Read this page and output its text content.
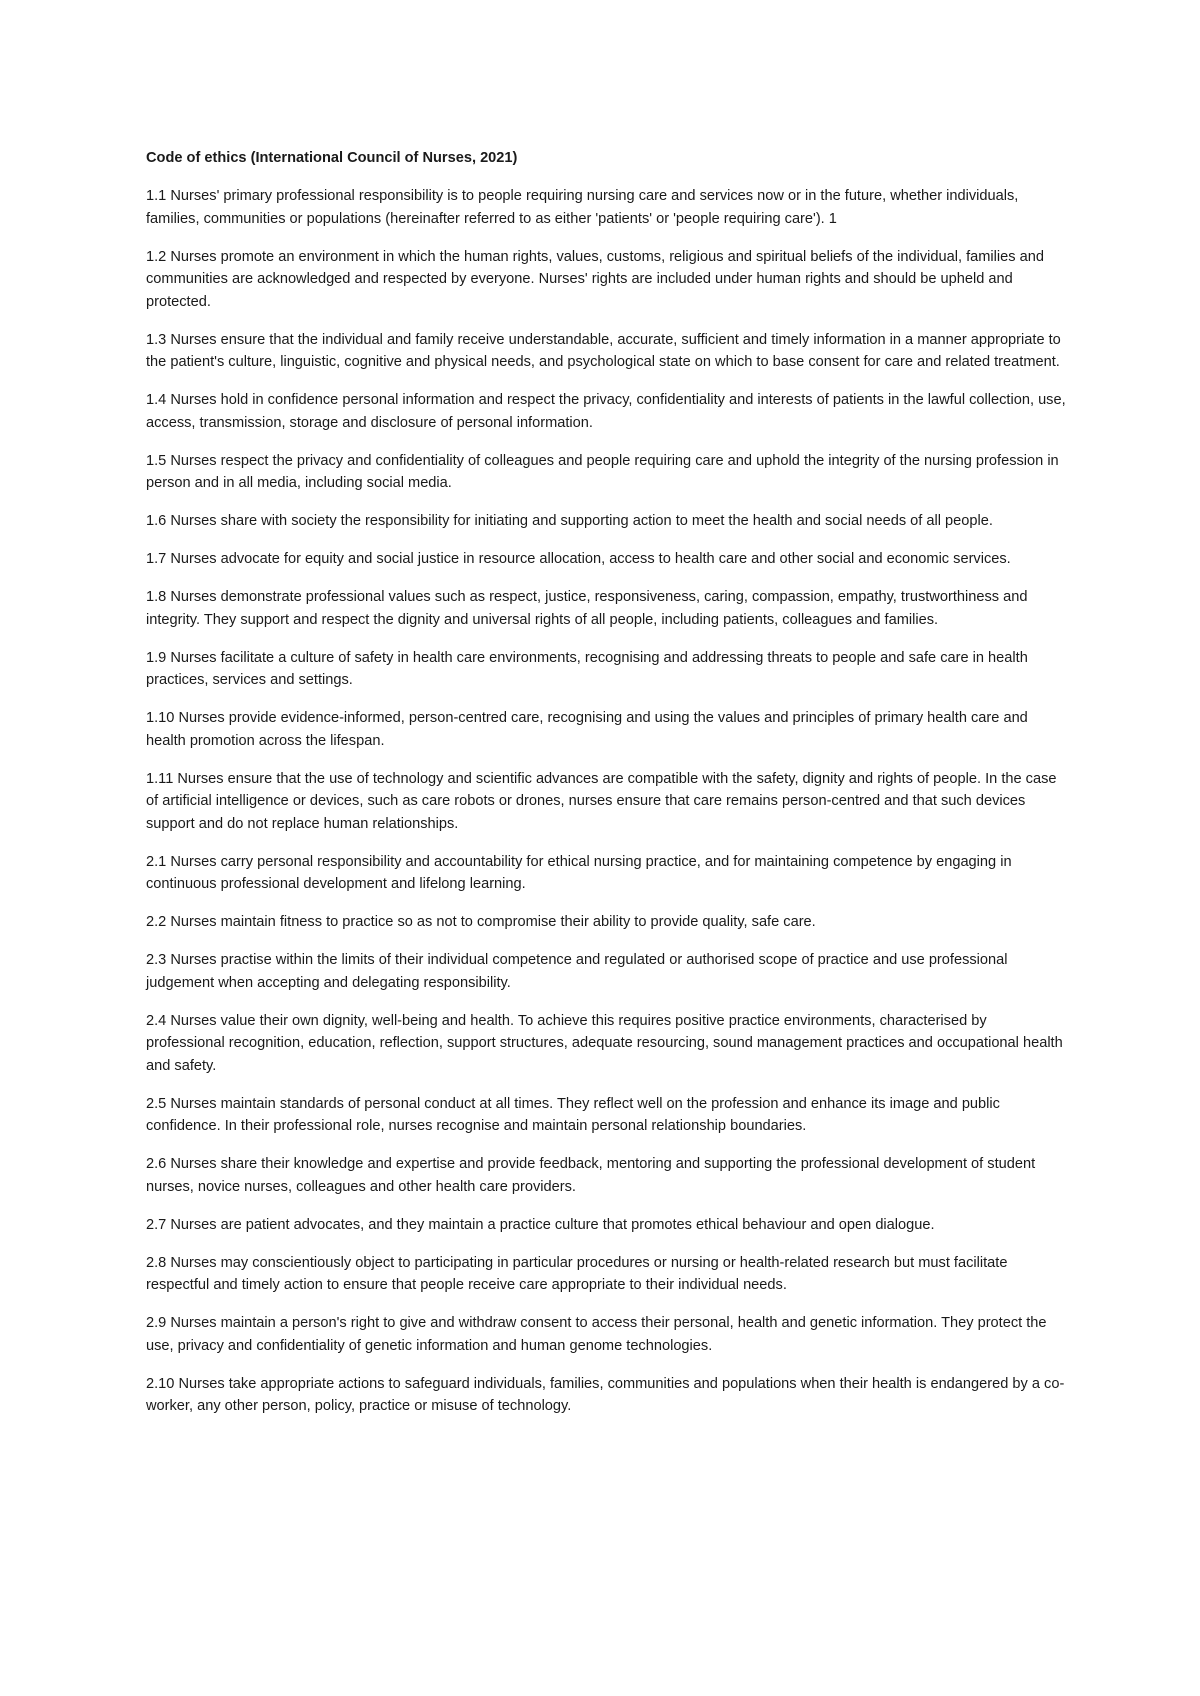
Code of ethics (International Council of Nurses, 2021)

1.1 Nurses' primary professional responsibility is to people requiring nursing care and services now or in the future, whether individuals, families, communities or populations (hereinafter referred to as either 'patients' or 'people requiring care'). 1

1.2 Nurses promote an environment in which the human rights, values, customs, religious and spiritual beliefs of the individual, families and communities are acknowledged and respected by everyone. Nurses' rights are included under human rights and should be upheld and protected.

1.3 Nurses ensure that the individual and family receive understandable, accurate, sufficient and timely information in a manner appropriate to the patient's culture, linguistic, cognitive and physical needs, and psychological state on which to base consent for care and related treatment.

1.4 Nurses hold in confidence personal information and respect the privacy, confidentiality and interests of patients in the lawful collection, use, access, transmission, storage and disclosure of personal information.

1.5 Nurses respect the privacy and confidentiality of colleagues and people requiring care and uphold the integrity of the nursing profession in person and in all media, including social media.

1.6 Nurses share with society the responsibility for initiating and supporting action to meet the health and social needs of all people.

1.7 Nurses advocate for equity and social justice in resource allocation, access to health care and other social and economic services.

1.8 Nurses demonstrate professional values such as respect, justice, responsiveness, caring, compassion, empathy, trustworthiness and integrity. They support and respect the dignity and universal rights of all people, including patients, colleagues and families.

1.9 Nurses facilitate a culture of safety in health care environments, recognising and addressing threats to people and safe care in health practices, services and settings.

1.10 Nurses provide evidence-informed, person-centred care, recognising and using the values and principles of primary health care and health promotion across the lifespan.

1.11 Nurses ensure that the use of technology and scientific advances are compatible with the safety, dignity and rights of people. In the case of artificial intelligence or devices, such as care robots or drones, nurses ensure that care remains person-centred and that such devices support and do not replace human relationships.

2.1 Nurses carry personal responsibility and accountability for ethical nursing practice, and for maintaining competence by engaging in continuous professional development and lifelong learning.

2.2 Nurses maintain fitness to practice so as not to compromise their ability to provide quality, safe care.

2.3 Nurses practise within the limits of their individual competence and regulated or authorised scope of practice and use professional judgement when accepting and delegating responsibility.

2.4 Nurses value their own dignity, well-being and health. To achieve this requires positive practice environments, characterised by professional recognition, education, reflection, support structures, adequate resourcing, sound management practices and occupational health and safety.

2.5 Nurses maintain standards of personal conduct at all times. They reflect well on the profession and enhance its image and public confidence. In their professional role, nurses recognise and maintain personal relationship boundaries.

2.6 Nurses share their knowledge and expertise and provide feedback, mentoring and supporting the professional development of student nurses, novice nurses, colleagues and other health care providers.

2.7 Nurses are patient advocates, and they maintain a practice culture that promotes ethical behaviour and open dialogue.

2.8 Nurses may conscientiously object to participating in particular procedures or nursing or health-related research but must facilitate respectful and timely action to ensure that people receive care appropriate to their individual needs.

2.9 Nurses maintain a person's right to give and withdraw consent to access their personal, health and genetic information. They protect the use, privacy and confidentiality of genetic information and human genome technologies.

2.10 Nurses take appropriate actions to safeguard individuals, families, communities and populations when their health is endangered by a co-worker, any other person, policy, practice or misuse of technology.
